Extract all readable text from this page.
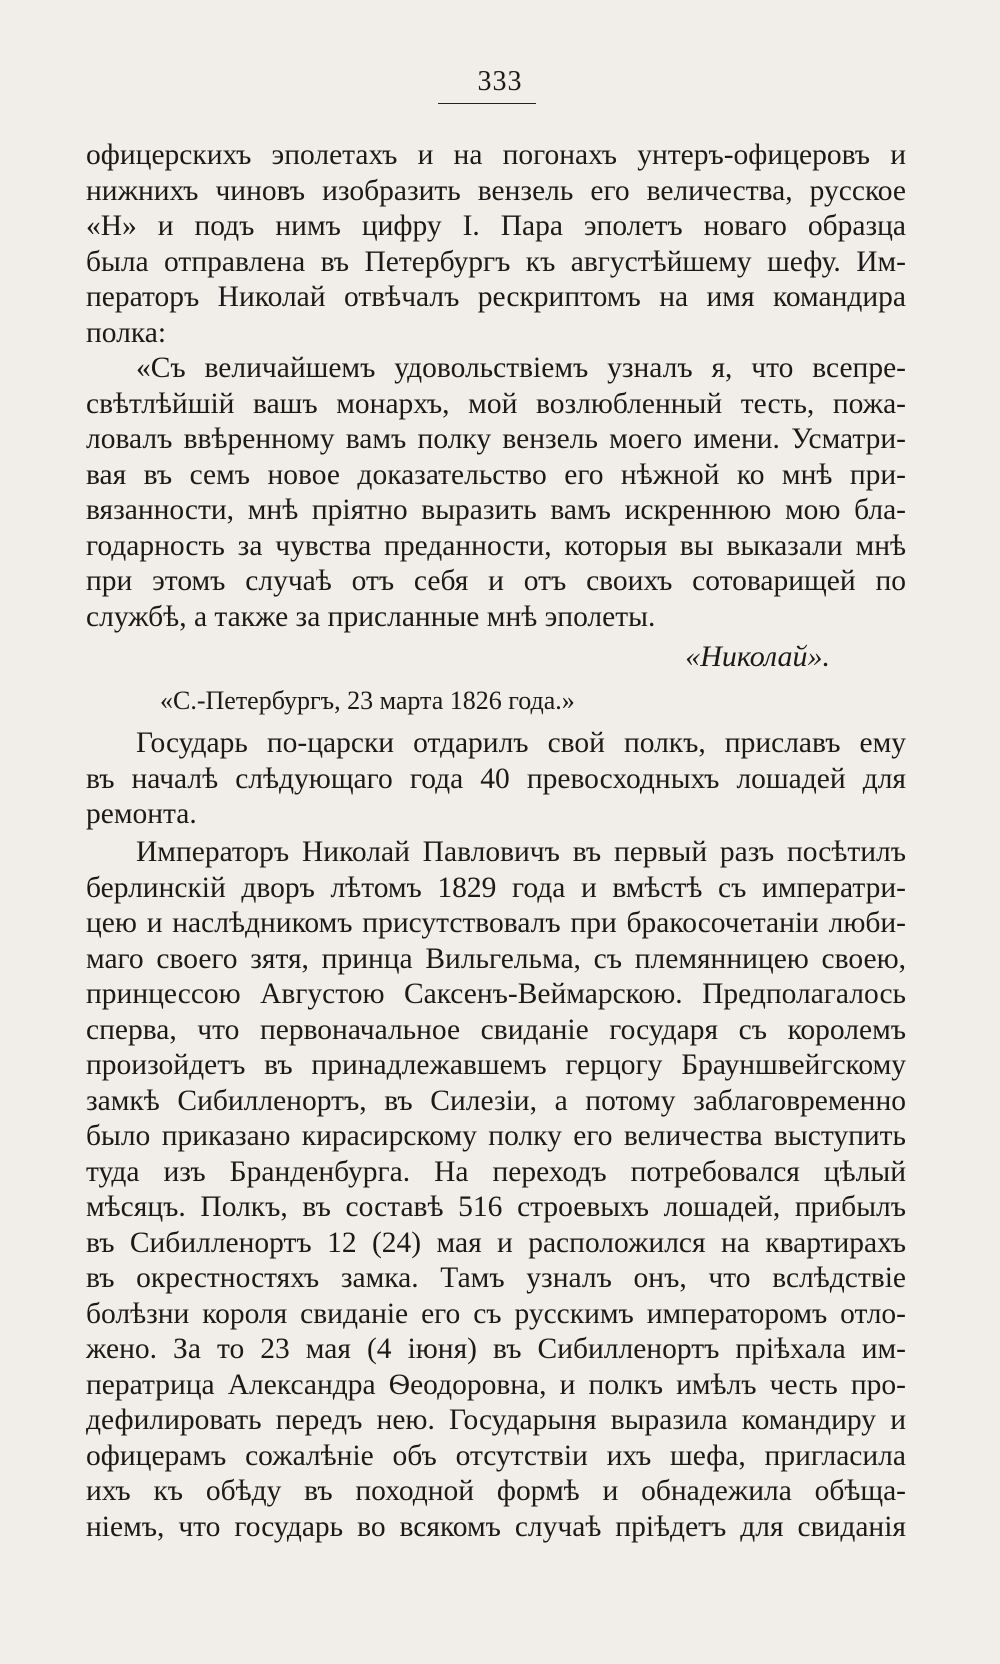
333
офицерскихъ эполетахъ и на погонахъ унтеръ-офицеровъ и
нижнихъ чиновъ изобразить вензель его величества, русское
«Н» и подъ нимъ цифру I. Пара эполетъ новаго образца
была отправлена въ Петербургъ къ августѣйшему шефу. Им-
ператоръ Николай отвѣчалъ рескриптомъ на имя командира
полка:
«Съ величайшемъ удовольствіемъ узналъ я, что всепре-
свѣтлѣйшій вашъ монархъ, мой возлюбленный тесть, пожа-
ловалъ ввѣренному вамъ полку вензель моего имени. Усматри-
вая въ семъ новое доказательство его нѣжной ко мнѣ при-
вязанности, мнѣ пріятно выразить вамъ искреннюю мою бла-
годарность за чувства преданности, которыя вы выказали мнѣ
при этомъ случаѣ отъ себя и отъ своихъ сотоварищей по
службѣ, а также за присланные мнѣ эполеты.
«Николай».
«С.-Петербургъ, 23 марта 1826 года.»
Государь по-царски отдарилъ свой полкъ, приславъ ему
въ началѣ слѣдующаго года 40 превосходныхъ лошадей для
ремонта.
Императоръ Николай Павловичъ въ первый разъ посѣтилъ
берлинскій дворъ лѣтомъ 1829 года и вмѣстѣ съ императри-
цею и наслѣдникомъ присутствовалъ при бракосочетаніи люби-
маго своего зятя, принца Вильгельма, съ племянницею своею,
принцессою Августою Саксенъ-Веймарскою. Предполагалось
сперва, что первоначальное свиданіе государя съ королемъ
произойдетъ въ принадлежавшемъ герцогу Брауншвейгскому
замкѣ Сибилленортъ, въ Силезіи, а потому заблаговременно
было приказано кирасирскому полку его величества выступить
туда изъ Бранденбурга. На переходъ потребовался цѣлый
мѣсяцъ. Полкъ, въ составѣ 516 строевыхъ лошадей, прибылъ
въ Сибилленортъ 12 (24) мая и расположился на квартирахъ
въ окрестностяхъ замка. Тамъ узналъ онъ, что вслѣдствіе
болѣзни короля свиданіе его съ русскимъ императоромъ отло-
жено. За то 23 мая (4 іюня) въ Сибилленортъ пріѣхала им-
ператрица Александра Ѳеодоровна, и полкъ имѣлъ честь про-
дефилировать передъ нею. Государыня выразила командиру и
офицерамъ сожалѣніе объ отсутствіи ихъ шефа, пригласила
ихъ къ обѣду въ походной формѣ и обнадежила обѣща-
ніемъ, что государь во всякомъ случаѣ пріѣдетъ для свиданія
